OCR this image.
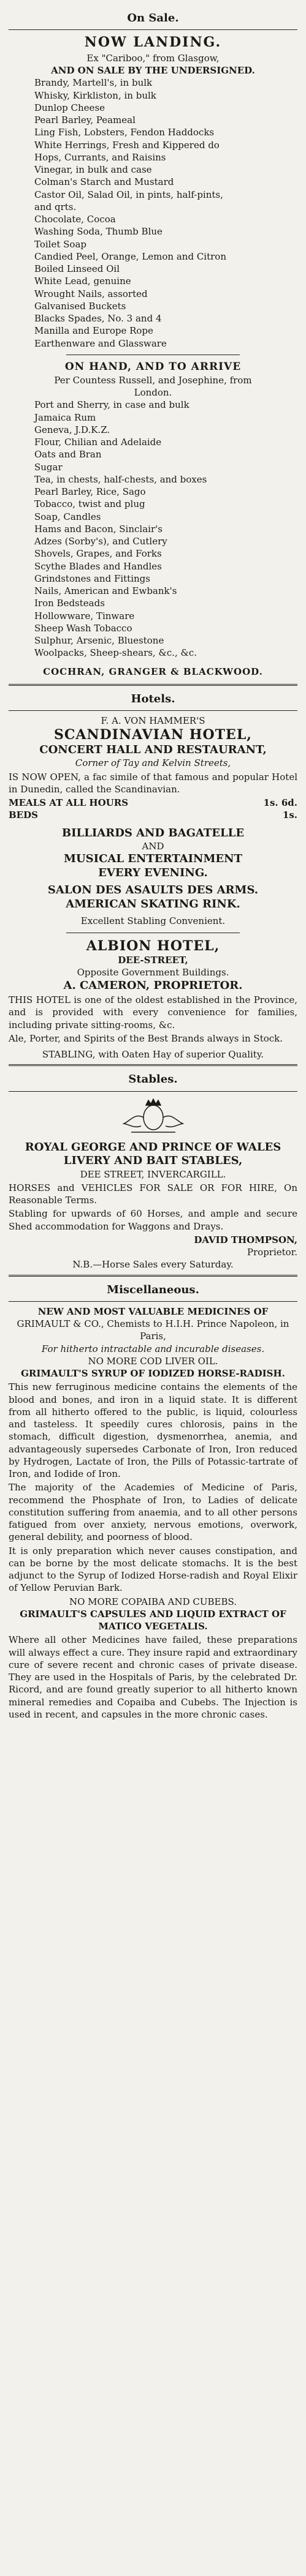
On Sale.
NOW LANDING.
Ex "Cariboo," from Glasgow,
AND ON SALE BY THE UNDERSIGNED.
Brandy, Martell's, in bulk
Whisky, Kirkliston, in bulk
Dunlop Cheese
Pearl Barley, Peameal
Ling Fish, Lobsters, Fendon Haddocks
White Herrings, Fresh and Kippered do
Hops, Currants, and Raisins
Vinegar, in bulk and case
Colman's Starch and Mustard
Castor Oil, Salad Oil, in pints, half-pints,
and qrts.
Chocolate, Cocoa
Washing Soda, Thumb Blue
Toilet Soap
Candied Peel, Orange, Lemon and Citron
Boiled Linseed Oil
White Lead, genuine
Wrought Nails, assorted
Galvanised Buckets
Blacks Spades, No. 3 and 4
Manilla and Europe Rope
Earthenware and Glassware
ON HAND, AND TO ARRIVE
Per Countess Russell, and Josephine, from
London.
Port and Sherry, in case and bulk
Jamaica Rum
Geneva, J.D.K.Z.
Flour, Chilian and Adelaide
Oats and Bran
Sugar
Tea, in chests, half-chests, and boxes
Pearl Barley, Rice, Sago
Tobacco, twist and plug
Soap, Candles
Hams and Bacon, Sinclair's
Adzes (Sorby's), and Cutlery
Shovels, Grapes, and Forks
Scythe Blades and Handles
Grindstones and Fittings
Nails, American and Ewbank's
Iron Bedsteads
Hollowware, Tinware
Sheep Wash Tobacco
Sulphur, Arsenic, Bluestone
Woolpacks, Sheep-shears, &c., &c.
COCHRAN, GRANGER & BLACKWOOD.
Hotels.
F. A. VON HAMMER'S
SCANDINAVIAN HOTEL,
CONCERT HALL AND RESTAURANT,
Corner of Tay and Kelvin Streets,

IS NOW OPEN, a fac simile of that famous and popular Hotel in Dunedin, called the Scandinavian.

MEALS AT ALL HOURS	1s. 6d.
BEDS	1s.
BILLIARDS AND BAGATELLE
AND
MUSICAL ENTERTAINMENT
EVERY EVENING.
SALON DES ASAULTS DES ARMS.
AMERICAN SKATING RINK.
Excellent Stabling Convenient.
ALBION HOTEL,
DEE-STREET,
Opposite Government Buildings.
A. CAMERON, PROPRIETOR.

THIS HOTEL is one of the oldest established in the Province, and is provided with every convenience for families, including private sitting-rooms, &c.

Ale, Porter, and Spirits of the Best Brands always in Stock.

STABLING, with Oaten Hay of superior Quality.
Stables.
ROYAL GEORGE AND PRINCE OF WALES LIVERY AND BAIT STABLES,
DEE STREET, INVERCARGILL.

HORSES and VEHICLES FOR SALE OR FOR HIRE, On Reasonable Terms.

Stabling for upwards of 60 Horses, and ample and secure Shed accommodation for Waggons and Drays.

DAVID THOMPSON,
Proprietor.
N.B.—Horse Sales every Saturday.
Miscellaneous.
NEW AND MOST VALUABLE MEDICINES OF
GRIMAULT & CO., Chemists to H.I.H. Prince Napoleon, in Paris,
For hitherto intractable and incurable diseases.
NO MORE COD LIVER OIL.
GRIMAULT'S SYRUP OF IODIZED HORSE-RADISH.

This new ferruginous medicine contains the elements of the blood and bones, and iron in a liquid state. It is different from all hitherto offered to the public, is liquid, colourless and tasteless. It speedily cures chlorosis, pains in the stomach, difficult digestion, dysmenorrhea, anemia, and advantageously supersedes Carbonate of Iron, Iron reduced by Hydrogen, Lactate of Iron, the Pills of Potassic-tartrate of Iron, and Iodide of Iron.

The majority of the Academies of Medicine of Paris, recommend the Phosphate of Iron, to Ladies of delicate constitution suffering from anaemia, and to all other persons fatigued from over anxiety, nervous emotions, overwork, general debility, and poorness of blood.

It is only preparation which never causes constipation, and can be borne by the most delicate stomachs. It is the best adjunct to the Syrup of Iodized Horse-radish and Royal Elixir of Yellow Peruvian Bark.

NO MORE COPAIBA AND CUBEBS.
GRIMAULT'S CAPSULES AND LIQUID EXTRACT OF MATICO VEGETALIS.

Where all other Medicines have failed, these preparations will always effect a cure. They insure rapid and extraordinary cure of severe recent and chronic cases of private disease. They are used in the Hospitals of Paris, by the celebrated Dr. Ricord, and are found greatly superior to all hitherto known mineral remedies and Copaiba and Cubebs. The Injection is used in recent, and capsules in the more chronic cases.
